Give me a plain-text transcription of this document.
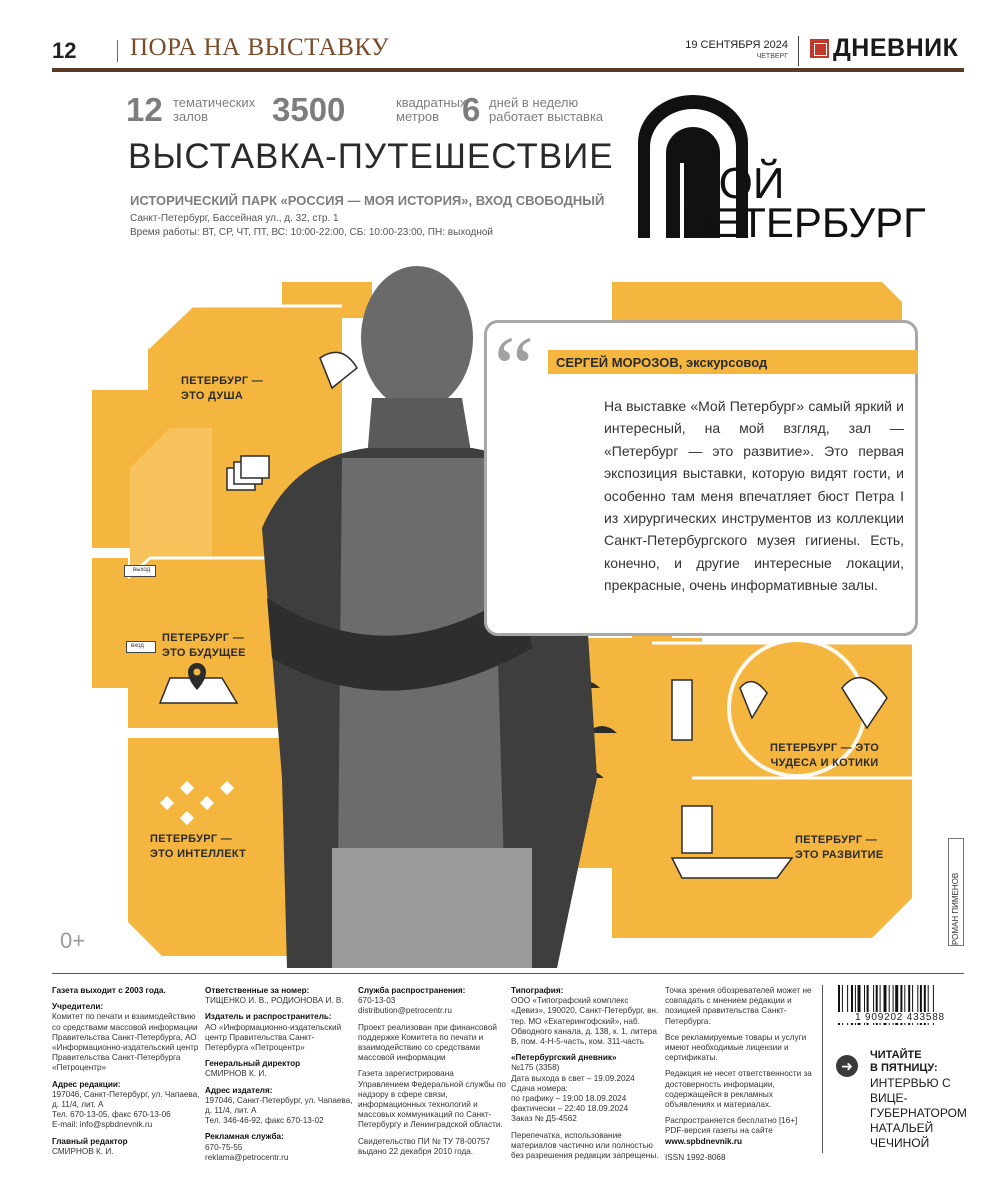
12 ПОРА НА ВЫСТАВКУ	19 СЕНТЯБРЯ 2024
ЧЕТВЕРГ ДНЕВНИК
12 тематических залов	3500	квадратных метров 6 дней в неделю работает выставка
ВЫСТАВКА-ПУТЕШЕСТВИЕ
ИСТОРИЧЕСКИЙ ПАРК «РОССИЯ — МОЯ ИСТОРИЯ», ВХОД СВОБОДНЫЙ
Санкт-Петербург, Бассейная ул., д. 32, стр. 1
Время работы: ВТ, СР, ЧТ, ПТ, ВС: 10:00-22:00, СБ: 10:00-23:00, ПН: выходной
МОЙ
ПЕТЕРБУРГ
ПЕТЕРБУРГ —
ЭТО ДУША
ПЕТЕРБУРГ —
ЭТО БУДУЩЕЕ
ПЕТЕРБУРГ —
ЭТО ИНТЕЛЛЕКТ
ПЕТЕРБУРГ — ЭТО
ЧУДЕСА И КОТИКИ
ПЕТЕРБУРГ —
ЭТО РАЗВИТИЕ
выход
вход
0+	РОМАН ПИМЕНОВ
“ СЕРГЕЙ МОРОЗОВ, экскурсовод
На выставке «Мой Петербург» самый яркий и интересный, на мой взгляд, зал — «Петербург — это развитие». Это первая экспозиция выставки, которую видят гости, и особенно там меня впечатляет бюст Петра I из хирургических инструментов из коллекции Санкт-Петербургского музея гигиены. Есть, конечно, и другие интересные локации, прекрасные, очень информативные залы.
Газета выходит с 2003 года.
Учредители:
Комитет по печати и взаимодействию со средствами массовой информации Правительства Санкт-Петербурга, АО «Информационно-издательский центр Правительства Санкт-Петербурга «Петроцентр»
Адрес редакции:
197046, Санкт-Петербург, ул. Чапаева, д. 11/4, лит. А
Тел. 670-13-05, факс 670-13-06
E-mail: info@spbdnevnik.ru
Главный редактор
СМИРНОВ К. И.
Ответственные за номер:
ТИЩЕНКО И. В., РОДИОНОВА И. В.
Издатель и распространитель:
АО «Информационно-издательский центр Правительства Санкт-Петербурга «Петроцентр»
Генеральный директор
СМИРНОВ К. И.
Адрес издателя:
197046, Санкт-Петербург, ул. Чапаева, д. 11/4, лит. А
Тел. 346-46-92, факс 670-13-02
Рекламная служба:
670-75-55
reklama@petrocentr.ru
Служба распространения:
670-13-03
distribution@petrocentr.ru
Проект реализован при финансовой поддержке Комитета по печати и взаимодействию со средствами массовой информации
Газета зарегистрирована Управлением Федеральной службы по надзору в сфере связи, информационных технологий и массовых коммуникаций по Санкт-Петербургу и Ленинградской области.
Свидетельство ПИ № ТУ 78-00757 выдано 22 декабря 2010 года.
Типография:
ООО «Типографский комплекс «Девиз», 190020, Санкт-Петербург, вн. тер. МО «Екатерингофский», наб. Обводного канала, д. 138, к. 1, литера В, пом. 4-Н-5-часть, ком. 311-часть
«Петербургский дневник»
№175 (3358)
Дата выхода в свет – 19.09.2024
Сдача номера:
по графику – 19:00 18.09.2024
фактически – 22:40 18.09.2024
Заказ № Д5-4562
Перепечатка, использование материалов частично или полностью без разрешения редакции запрещены.
Точка зрения обозревателей может не совпадать с мнением редакции и позицией правительства Санкт-Петербурга.
Все рекламируемые товары и услуги имеют необходимые лицензии и сертификаты.
Редакция не несет ответственности за достоверность информации, содержащейся в рекламных объявлениях и материалах.
Распространяется бесплатно [16+]
PDF-версия газеты на сайте
www.spbdnevnik.ru
ISSN 1992-8068
1 909202 433588
➜
ЧИТАЙТЕ
В ПЯТНИЦУ:
ИНТЕРВЬЮ С ВИЦЕ-ГУБЕРНАТОРОМ НАТАЛЬЕЙ ЧЕЧИНОЙ
